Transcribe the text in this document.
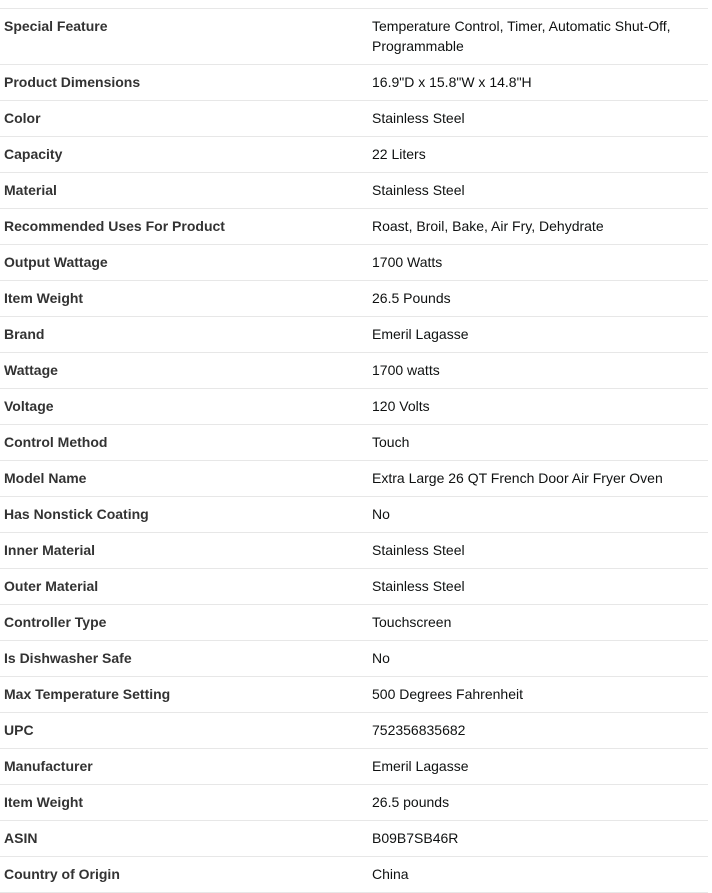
Special Feature	Temperature Control, Timer, Automatic Shut-Off, Programmable
Product Dimensions	16.9"D x 15.8"W x 14.8"H
Color	Stainless Steel
Capacity	22 Liters
Material	Stainless Steel
Recommended Uses For Product	Roast, Broil, Bake, Air Fry, Dehydrate
Output Wattage	1700 Watts
Item Weight	26.5 Pounds
Brand	Emeril Lagasse
Wattage	1700 watts
Voltage	120 Volts
Control Method	Touch
Model Name	Extra Large 26 QT French Door Air Fryer Oven
Has Nonstick Coating	No
Inner Material	Stainless Steel
Outer Material	Stainless Steel
Controller Type	Touchscreen
Is Dishwasher Safe	No
Max Temperature Setting	500 Degrees Fahrenheit
UPC	752356835682
Manufacturer	Emeril Lagasse
Item Weight	26.5 pounds
ASIN	B09B7SB46R
Country of Origin	China
